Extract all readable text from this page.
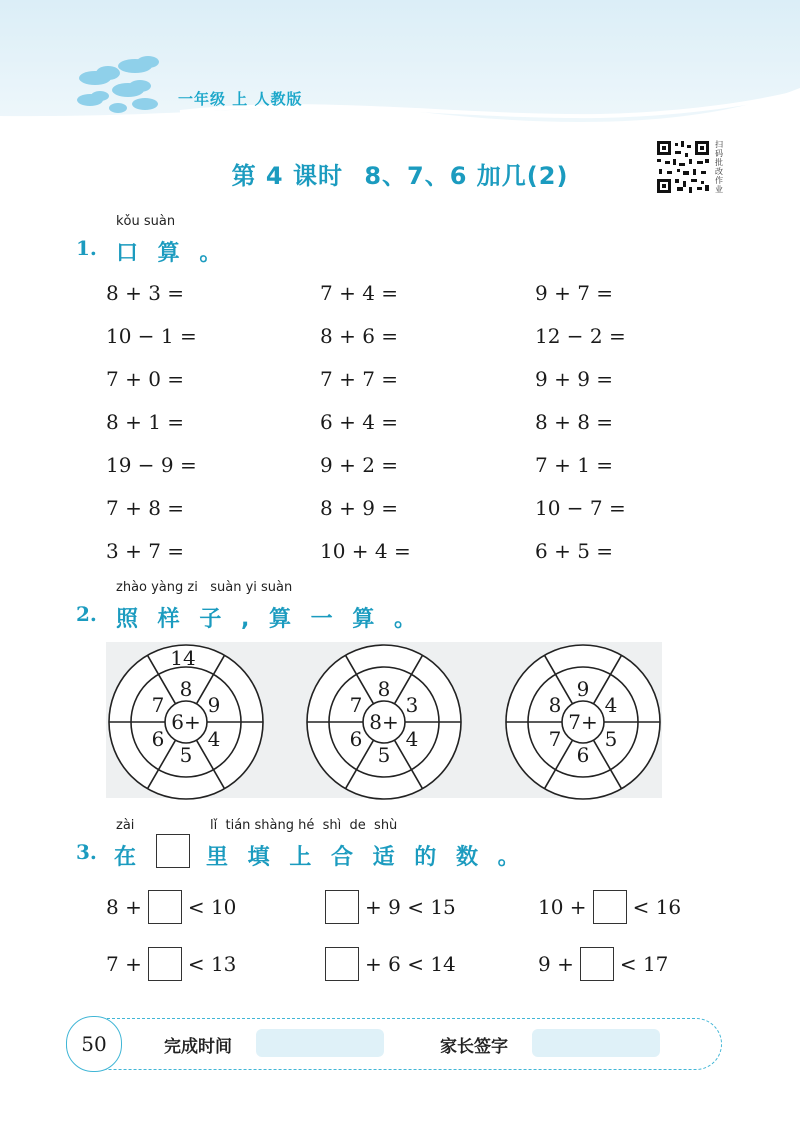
一年级 上 人教版
第 4 课时 8、7、6 加几(2)
扫码批改作业
kǒu suàn
1. 口 算 。
8 + 3 =	7 + 4 =	9 + 7 =
10 − 1 =	8 + 6 =	12 − 2 =
7 + 0 =	7 + 7 =	9 + 9 =
8 + 1 =	6 + 4 =	8 + 8 =
19 − 9 =	9 + 2 =	7 + 1 =
7 + 8 =	8 + 9 =	10 − 7 =
3 + 7 =	10 + 4 =	6 + 5 =
zhào yàng zi   suàn yi suàn
2. 照 样 子 , 算 一 算 。
6+
8
9
4
5
6
7
14
8+
8
3
4
5
6
7
7+
9
4
5
6
7
8
zài	lǐ  tián shàng hé  shì  de  shù
3. 在	里 填 上 合 适 的 数 。
8 + < 10	+ 9 < 15	10 + < 16
7 + < 13	+ 6 < 14	9 + < 17
50	完成时间	家长签字
